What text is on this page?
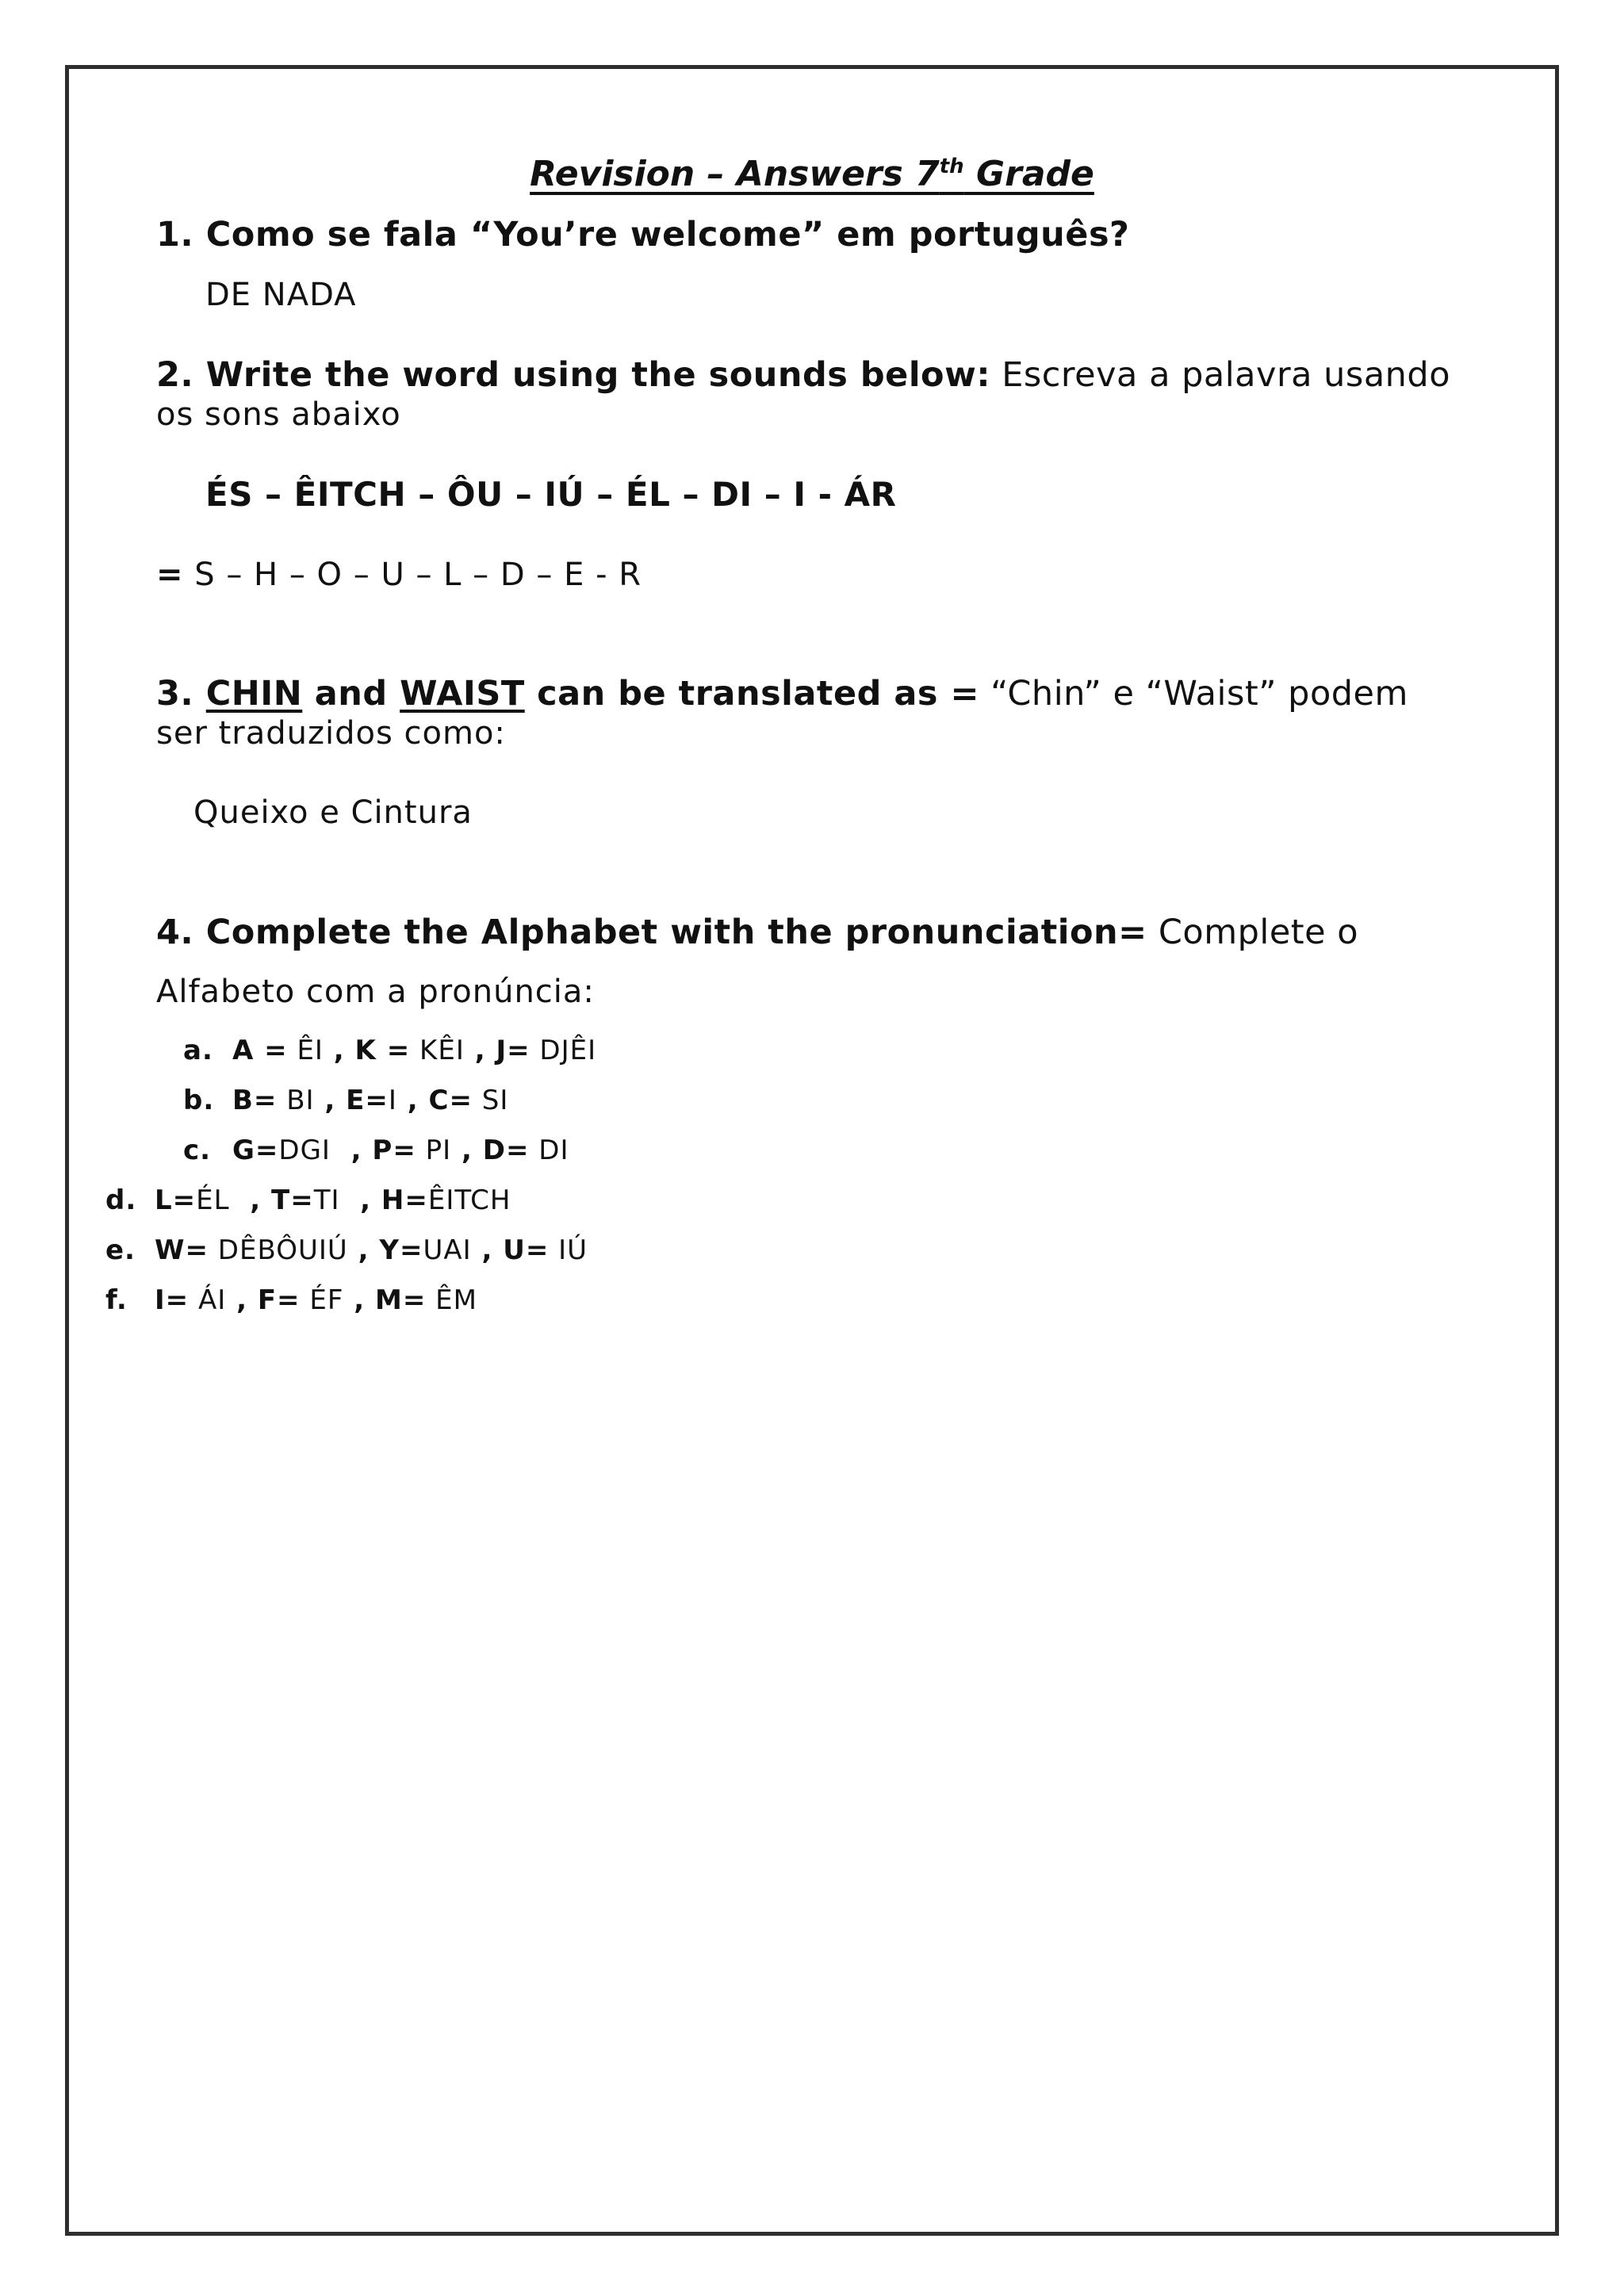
Revision – Answers 7th Grade
1. Como se fala “You’re welcome” em português?
DE NADA
2. Write the word using the sounds below: Escreva a palavra usando
os sons abaixo
ÉS – ÊITCH – ÔU – IÚ – ÉL – DI – I - ÁR
= S – H – O – U – L – D – E - R
3. CHIN and WAIST can be translated as = “Chin” e “Waist” podem
ser traduzidos como:
Queixo e Cintura
4. Complete the Alphabet with the pronunciation= Complete o
Alfabeto com a pronúncia:
a. A = ÊI , K = KÊI , J= DJÊI
b. B= BI , E=I , C= SI
c. G=DGI  , P= PI , D= DI
d. L=ÉL  , T=TI  , H=ÊITCH
e. W= DÊBÔUIÚ , Y=UAI , U= IÚ
f. I= ÁI , F= ÉF , M= ÊM
